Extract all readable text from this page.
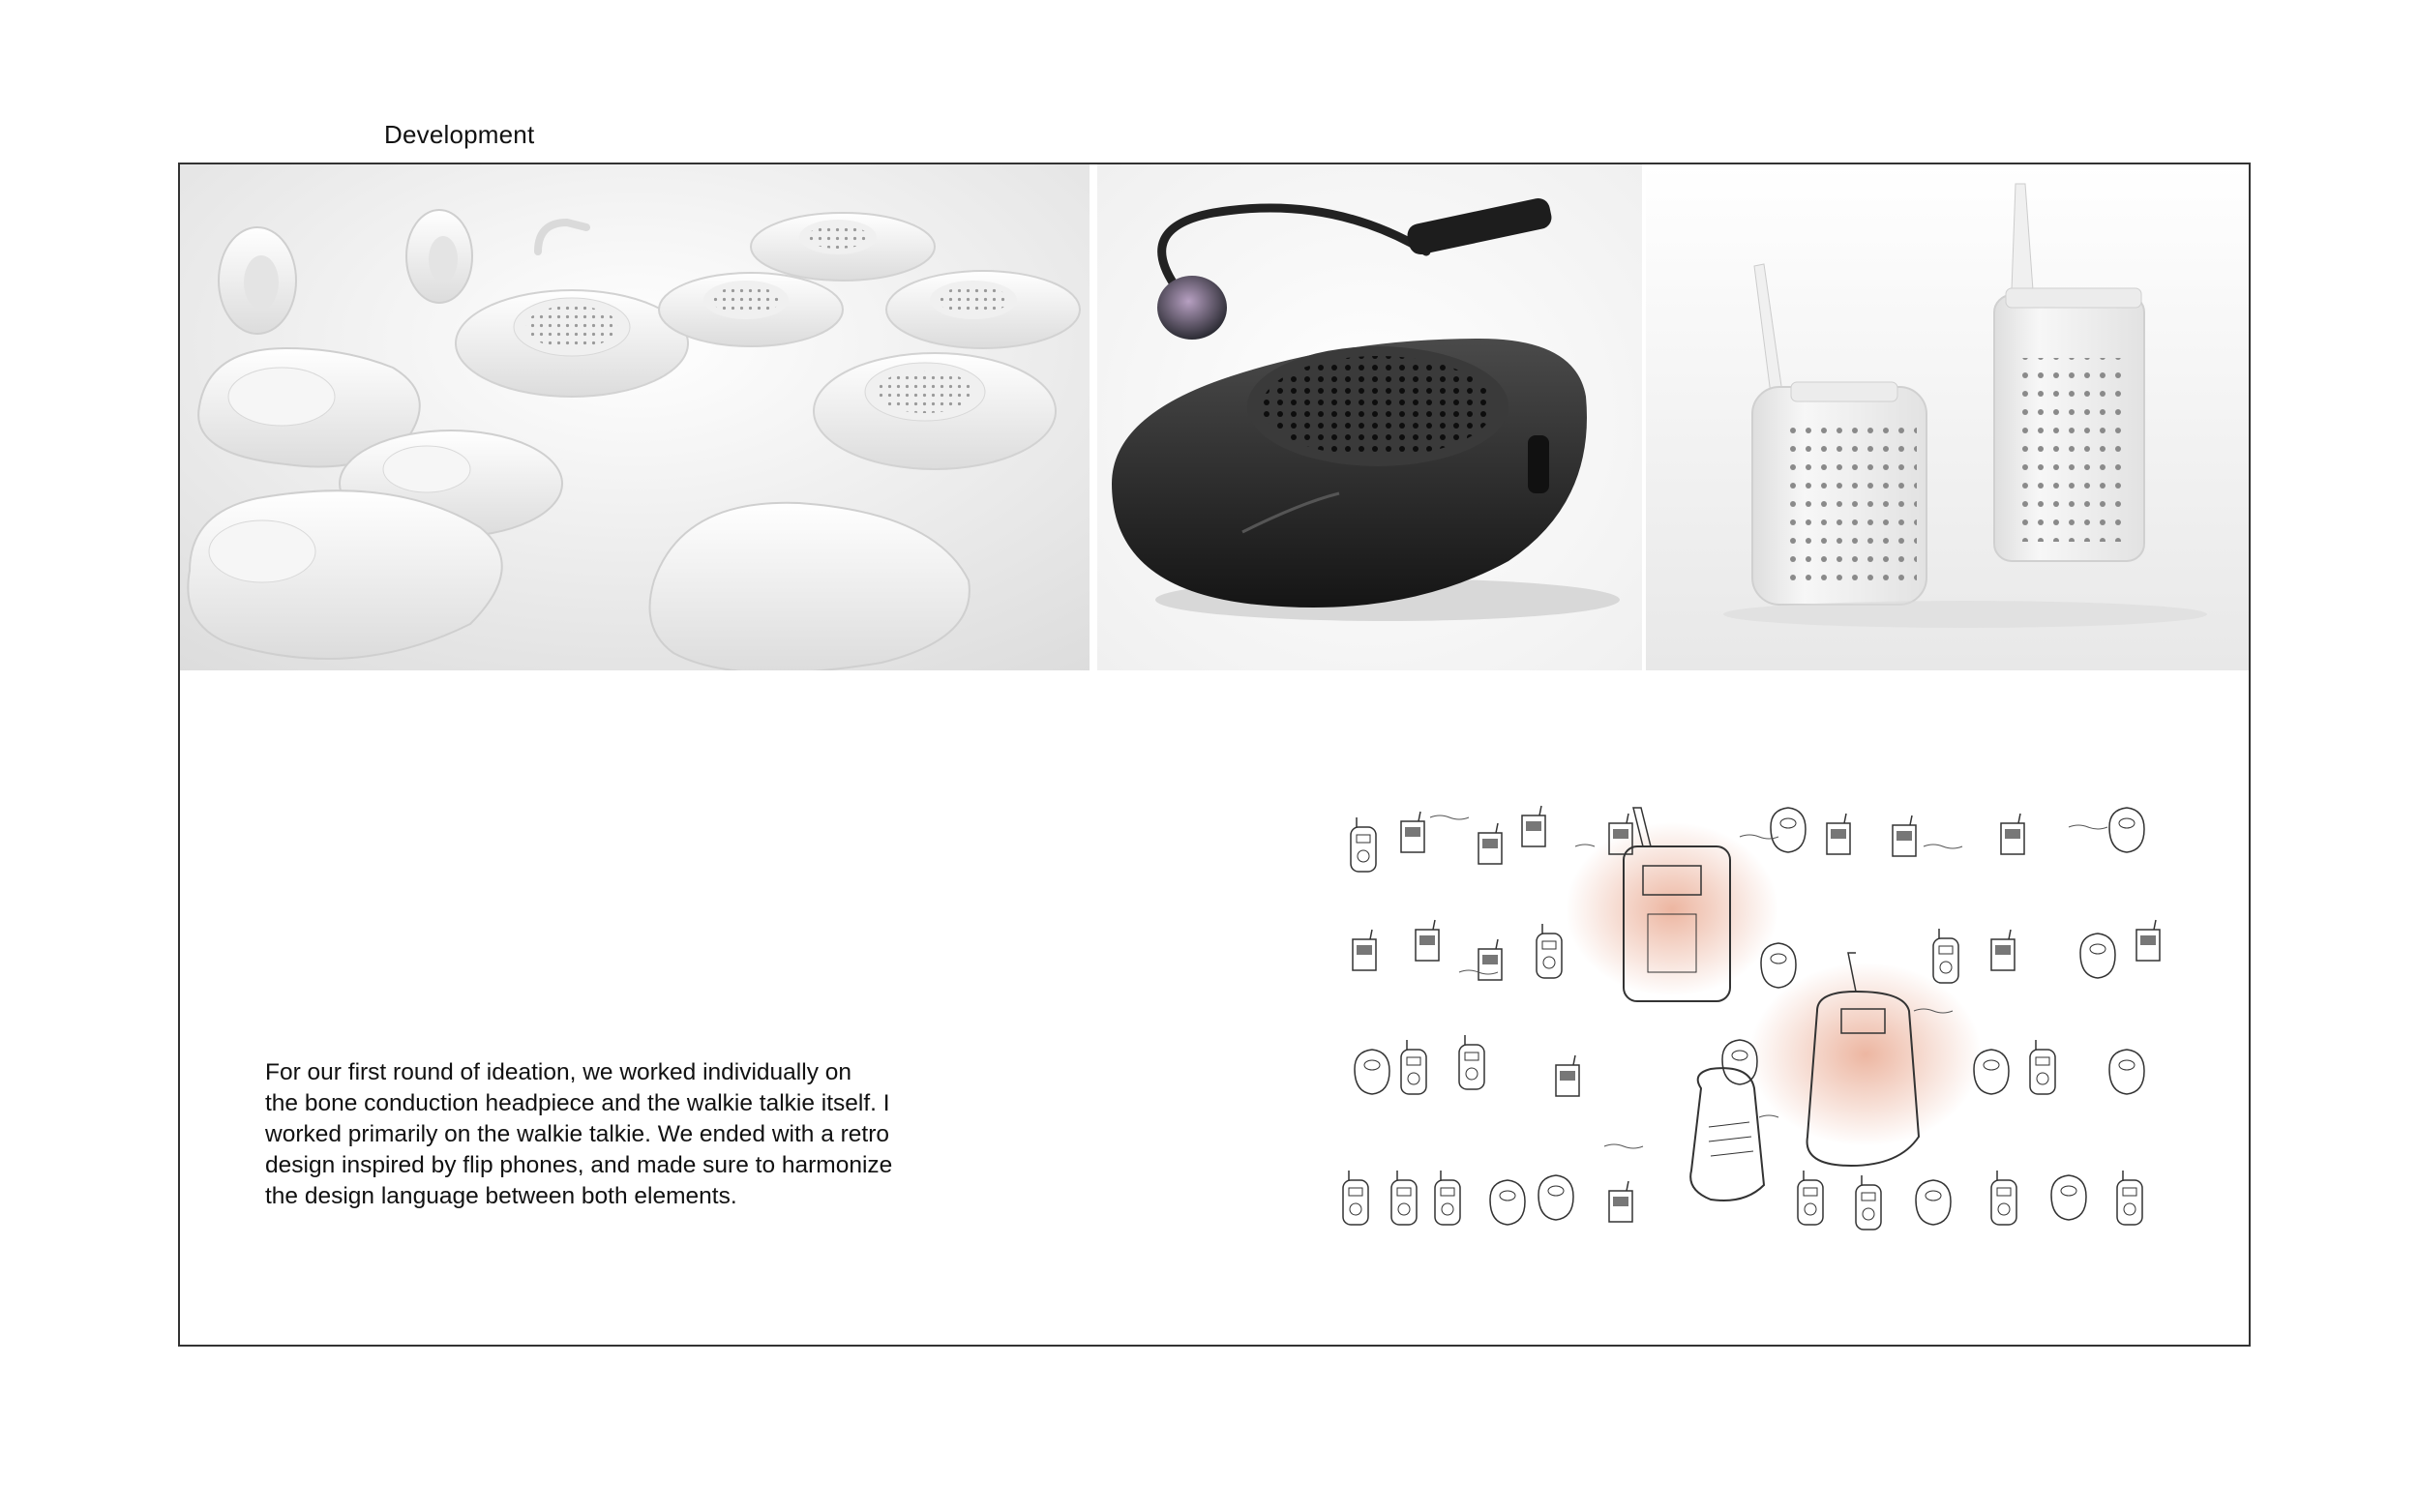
Development

For our first round of ideation, we worked individually on
the bone conduction headpiece and the walkie talkie itself. I
worked primarily on the walkie talkie. We ended with a retro
design inspired by flip phones, and made sure to harmonize
the design language between both elements.
